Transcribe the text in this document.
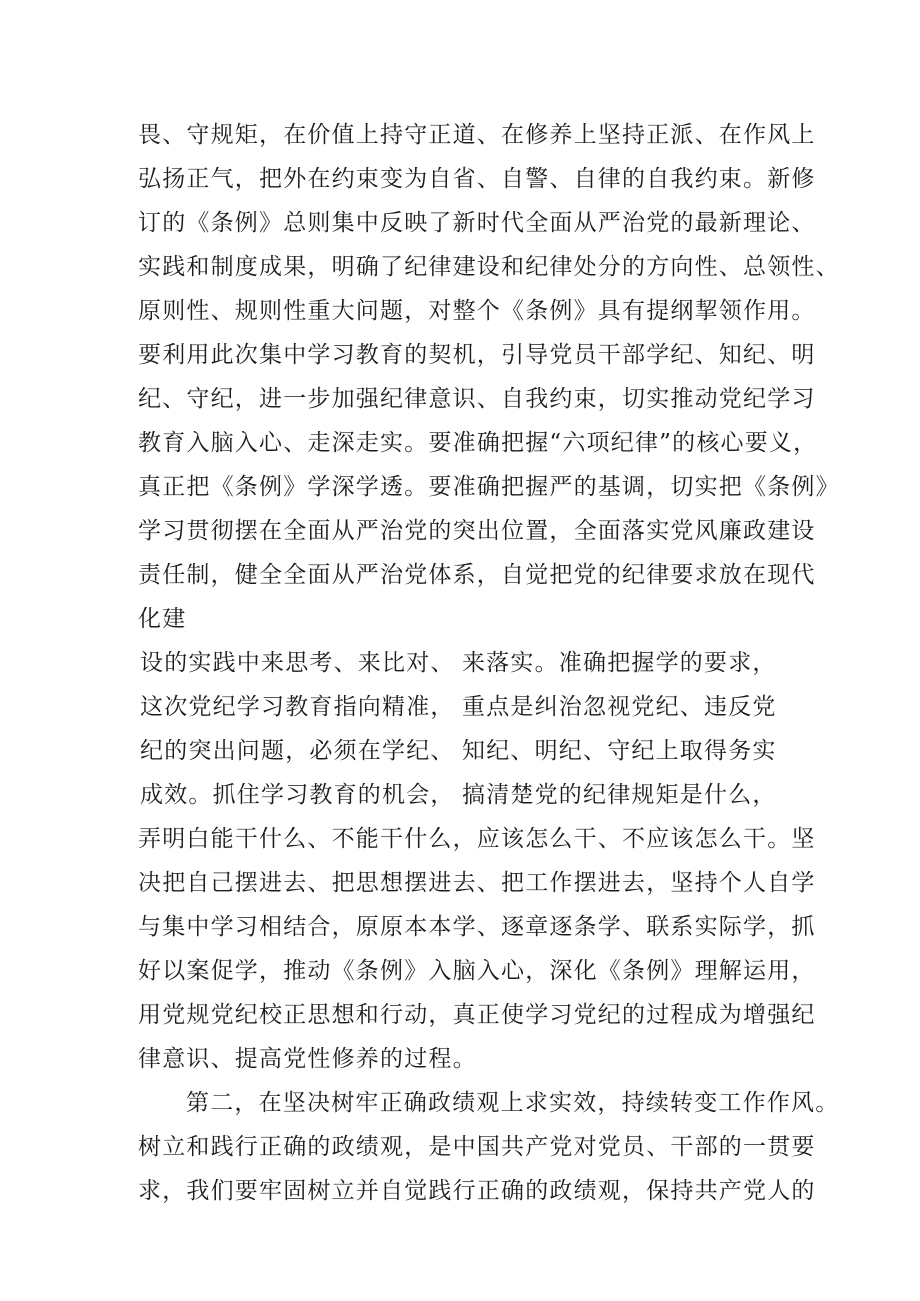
畏、守规矩，在价值上持守正道、在修养上坚持正派、在作风上
弘扬正气，把外在约束变为自省、自警、自律的自我约束。新修
订的《条例》总则集中反映了新时代全面从严治党的最新理论、
实践和制度成果，明确了纪律建设和纪律处分的方向性、总领性、
原则性、规则性重大问题，对整个《条例》具有提纲挈领作用。
要利用此次集中学习教育的契机，引导党员干部学纪、知纪、明
纪、守纪，进一步加强纪律意识、自我约束，切实推动党纪学习
教育入脑入心、走深走实。要准确把握“六项纪律”的核心要义，
真正把《条例》学深学透。要准确把握严的基调，切实把《条例》
学习贯彻摆在全面从严治党的突出位置，全面落实党风廉政建设
责任制，健全全面从严治党体系，自觉把党的纪律要求放在现代
化建
设的实践中来思考、来比对、 来落实。准确把握学的要求，
这次党纪学习教育指向精准， 重点是纠治忽视党纪、违反党
纪的突出问题，必须在学纪、 知纪、明纪、守纪上取得务实
成效。抓住学习教育的机会， 搞清楚党的纪律规矩是什么，
弄明白能干什么、不能干什么，应该怎么干、不应该怎么干。坚
决把自己摆进去、把思想摆进去、把工作摆进去，坚持个人自学
与集中学习相结合，原原本本学、逐章逐条学、联系实际学，抓
好以案促学，推动《条例》入脑入心，深化《条例》理解运用，
用党规党纪校正思想和行动，真正使学习党纪的过程成为增强纪
律意识、提高党性修养的过程。
第二，在坚决树牢正确政绩观上求实效，持续转变工作作风。
树立和践行正确的政绩观，是中国共产党对党员、干部的一贯要
求，我们要牢固树立并自觉践行正确的政绩观，保持共产党人的
